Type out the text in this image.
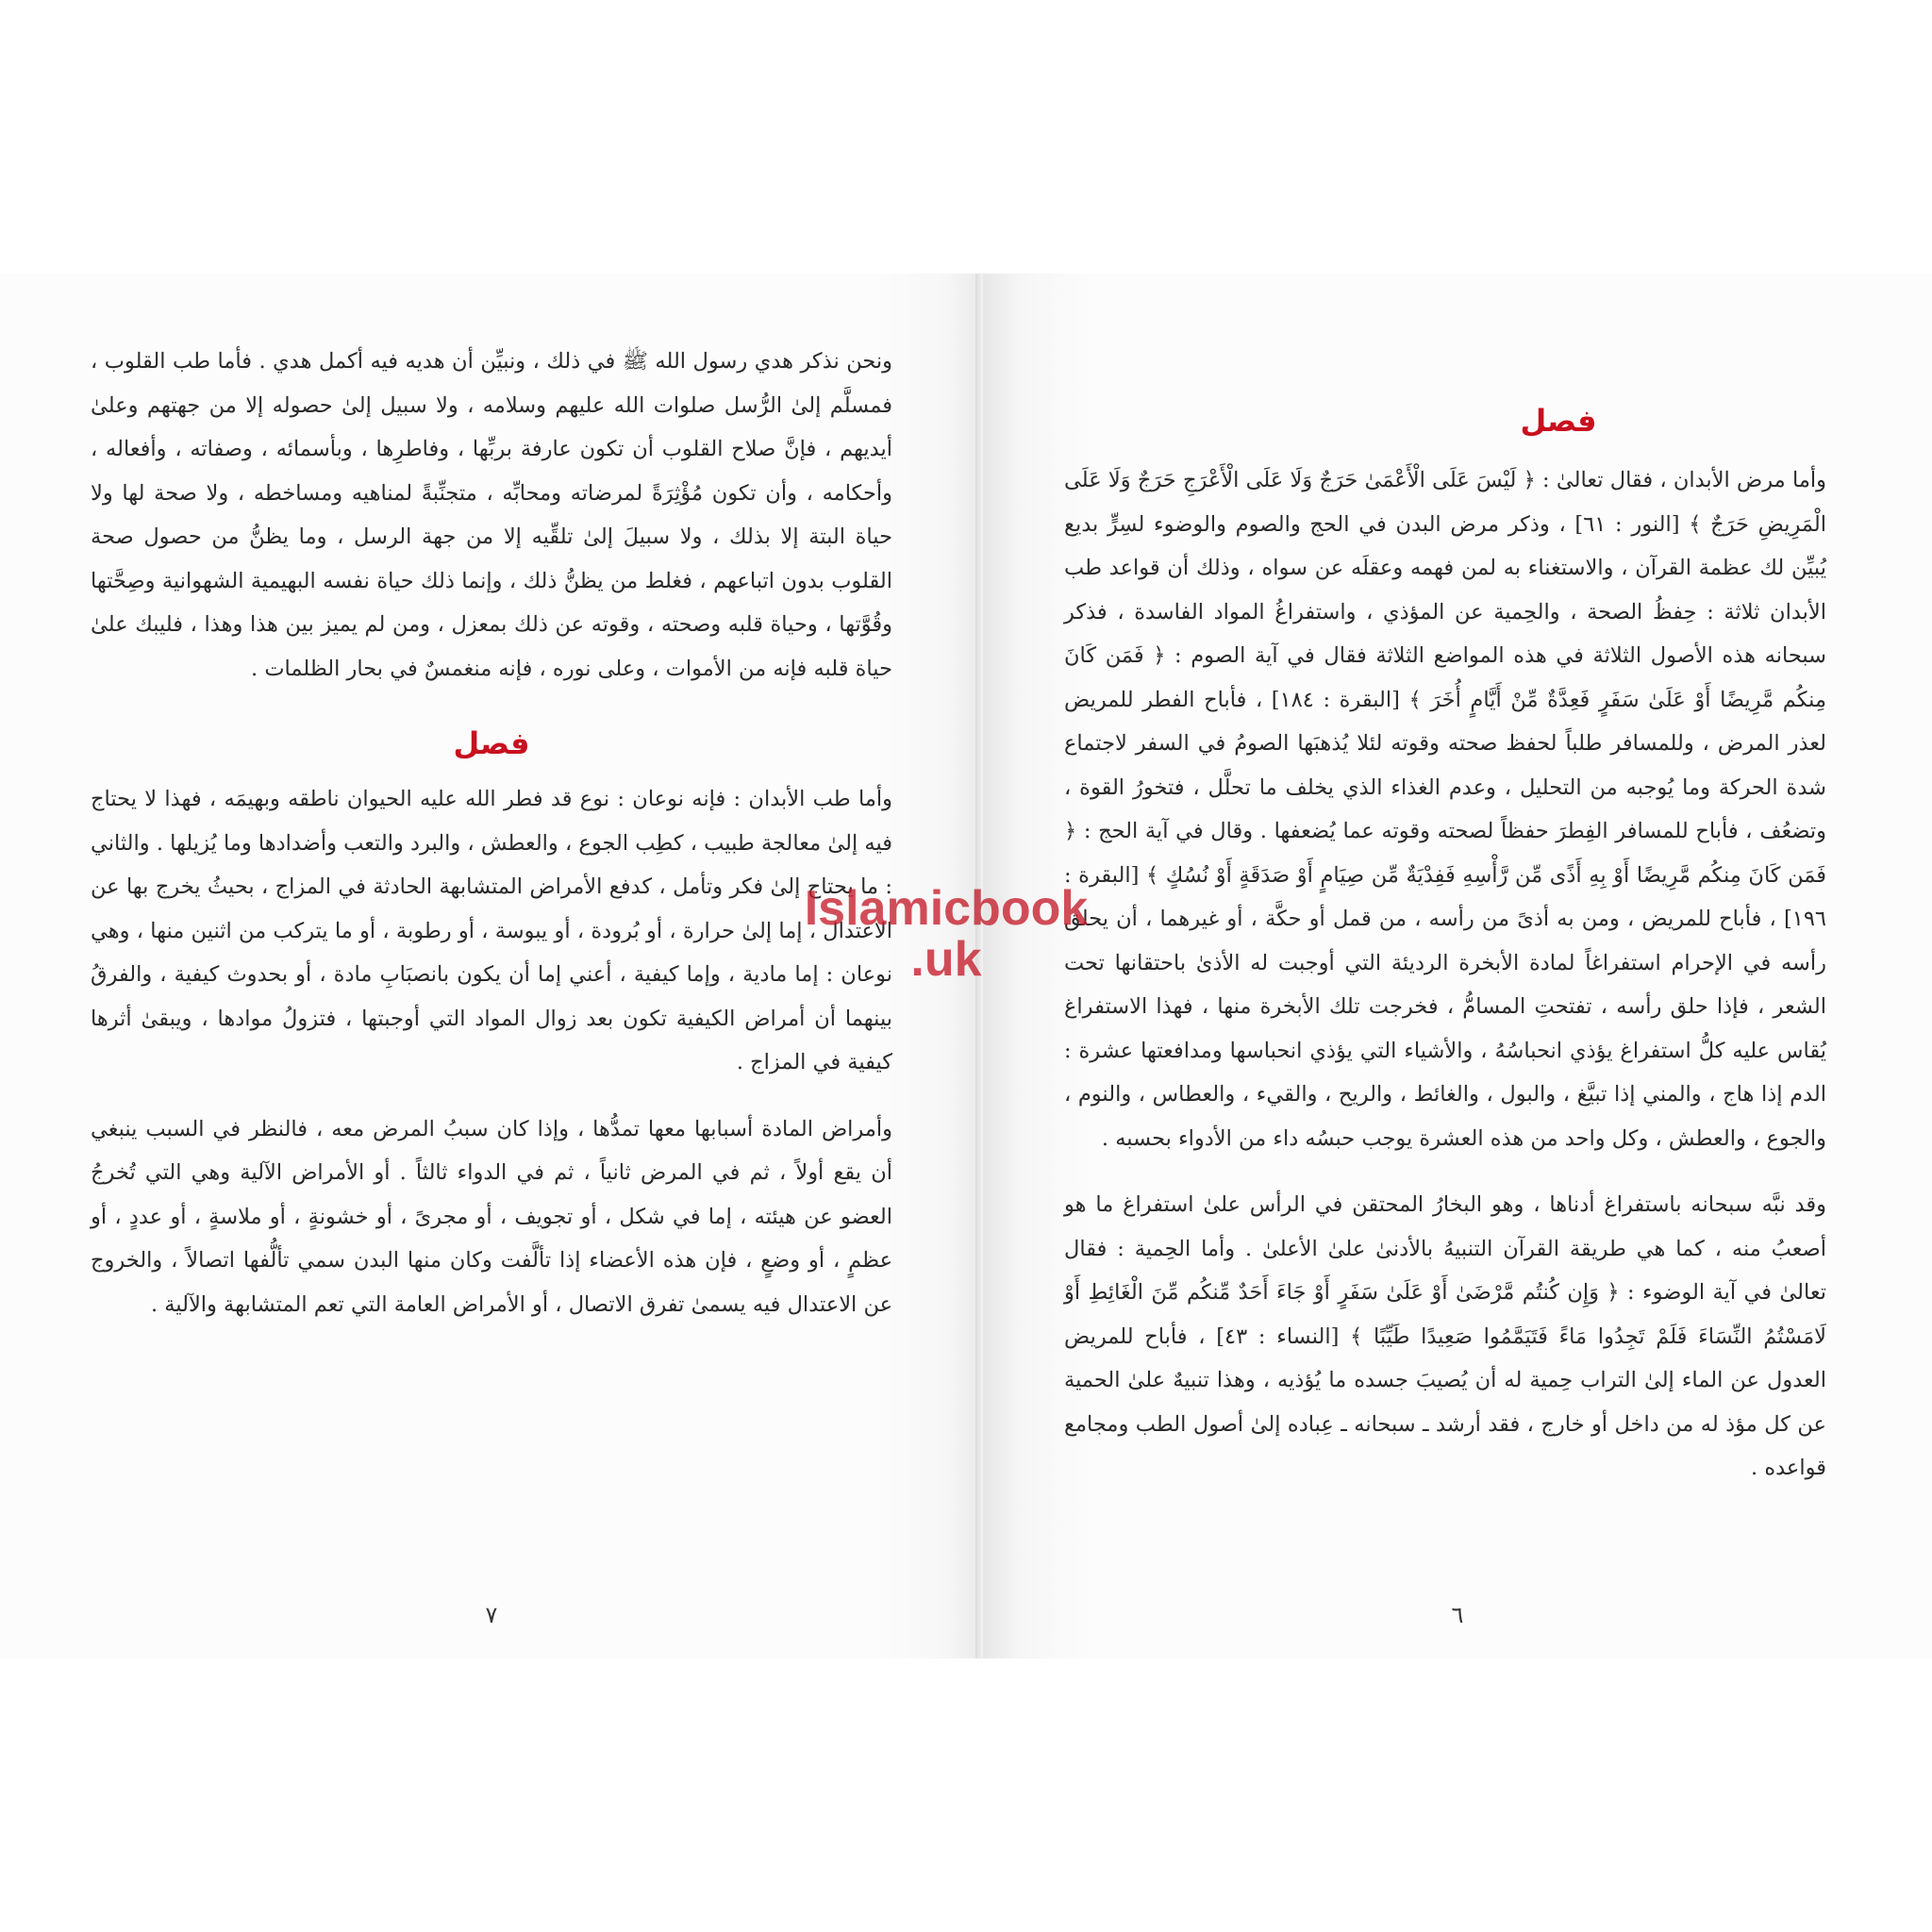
ونحن نذكر هدي رسول الله ﷺ في ذلك ، ونبيِّن أن هديه فيه أكمل هدي . فأما طب القلوب ، فمسلَّم إلىٰ الرُّسل صلوات الله عليهم وسلامه ، ولا سبيل إلىٰ حصوله إلا من جهتهم وعلىٰ أيديهم ، فإنَّ صلاح القلوب أن تكون عارفة بربِّها ، وفاطرِها ، وبأسمائه ، وصفاته ، وأفعاله ، وأحكامه ، وأن تكون مُؤْثِرَةً لمرضاته ومحابِّه ، متجنِّبةً لمناهيه ومساخطه ، ولا صحة لها ولا حياة البتة إلا بذلك ، ولا سبيلَ إلىٰ تلقِّيه إلا من جهة الرسل ، وما يظنُّ من حصول صحة القلوب بدون اتباعهم ، فغلط من يظنُّ ذلك ، وإنما ذلك حياة نفسه البهيمية الشهوانية وصِحَّتها وقُوَّتها ، وحياة قلبه وصحته ، وقوته عن ذلك بمعزل ، ومن لم يميز بين هذا وهذا ، فليبك علىٰ حياة قلبه فإنه من الأموات ، وعلى نوره ، فإنه منغمسٌ في بحار الظلمات .

فصل

وأما طب الأبدان : فإنه نوعان : نوع قد فطر الله عليه الحيوان ناطقه وبهيمَه ، فهذا لا يحتاج فيه إلىٰ معالجة طبيب ، كطِب الجوع ، والعطش ، والبرد والتعب وأضدادها وما يُزيلها . والثاني : ما يحتاج إلىٰ فكر وتأمل ، كدفع الأمراض المتشابهة الحادثة في المزاج ، بحيثُ يخرج بها عن الاعتدال ، إما إلىٰ حرارة ، أو بُرودة ، أو يبوسة ، أو رطوبة ، أو ما يتركب من اثنين منها ، وهي نوعان : إما مادية ، وإما كيفية ، أعني إما أن يكون بانصبَابِ مادة ، أو بحدوث كيفية ، والفرقُ بينهما أن أمراض الكيفية تكون بعد زوال المواد التي أوجبتها ، فتزولُ موادها ، ويبقىٰ أثرها كيفية في المزاج .

وأمراض المادة أسبابها معها تمدُّها ، وإذا كان سببُ المرض معه ، فالنظر في السبب ينبغي أن يقع أولاً ، ثم في المرض ثانياً ، ثم في الدواء ثالثاً . أو الأمراض الآلية وهي التي تُخرجُ العضو عن هيئته ، إما في شكل ، أو تجويف ، أو مجرىً ، أو خشونةٍ ، أو ملاسةٍ ، أو عددٍ ، أو عظمٍ ، أو وضعٍ ، فإن هذه الأعضاء إذا تألَّفت وكان منها البدن سمي تألُّفها اتصالاً ، والخروج عن الاعتدال فيه يسمىٰ تفرق الاتصال ، أو الأمراض العامة التي تعم المتشابهة والآلية .

٧
فصل

وأما مرض الأبدان ، فقال تعالىٰ : ﴿ لَيْسَ عَلَى الْأَعْمَىٰ حَرَجٌ وَلَا عَلَى الْأَعْرَجِ حَرَجٌ وَلَا عَلَى الْمَرِيضِ حَرَجٌ ﴾ [النور : ٦١] ، وذكر مرض البدن في الحج والصوم والوضوء لسِرٍّ بديع يُبيِّن لك عظمة القرآن ، والاستغناء به لمن فهمه وعقلَه عن سواه ، وذلك أن قواعد طب الأبدان ثلاثة : حِفظُ الصحة ، والحِمية عن المؤذي ، واستفراغُ المواد الفاسدة ، فذكر سبحانه هذه الأصول الثلاثة في هذه المواضع الثلاثة فقال في آية الصوم : ﴿ فَمَن كَانَ مِنكُم مَّرِيضًا أَوْ عَلَىٰ سَفَرٍ فَعِدَّةٌ مِّنْ أَيَّامٍ أُخَرَ ﴾ [البقرة : ١٨٤] ، فأباح الفطر للمريض لعذر المرض ، وللمسافر طلباً لحفظ صحته وقوته لئلا يُذهبَها الصومُ في السفر لاجتماع شدة الحركة وما يُوجبه من التحليل ، وعدم الغذاء الذي يخلف ما تحلَّل ، فتخورُ القوة ، وتضعُف ، فأباح للمسافر الفِطرَ حفظاً لصحته وقوته عما يُضعفها . وقال في آية الحج : ﴿ فَمَن كَانَ مِنكُم مَّرِيضًا أَوْ بِهِ أَذًى مِّن رَّأْسِهِ فَفِدْيَةٌ مِّن صِيَامٍ أَوْ صَدَقَةٍ أَوْ نُسُكٍ ﴾ [البقرة : ١٩٦] ، فأباح للمريض ، ومن به أذىً من رأسه ، من قمل أو حكَّة ، أو غيرهما ، أن يحلق رأسه في الإحرام استفراغاً لمادة الأبخرة الرديئة التي أوجبت له الأذىٰ باحتقانها تحت الشعر ، فإذا حلق رأسه ، تفتحتِ المسامُّ ، فخرجت تلك الأبخرة منها ، فهذا الاستفراغ يُقاس عليه كلُّ استفراغ يؤذي انحباسُهُ ، والأشياء التي يؤذي انحباسها ومدافعتها عشرة : الدم إذا هاج ، والمني إذا تبيَّغ ، والبول ، والغائط ، والريح ، والقيء ، والعطاس ، والنوم ، والجوع ، والعطش ، وكل واحد من هذه العشرة يوجب حبسُه داء من الأدواء بحسبه .

وقد نبَّه سبحانه باستفراغ أدناها ، وهو البخارُ المحتقن في الرأس علىٰ استفراغ ما هو أصعبُ منه ، كما هي طريقة القرآن التنبيهُ بالأدنىٰ علىٰ الأعلىٰ . وأما الحِمية : فقال تعالىٰ في آية الوضوء : ﴿ وَإِن كُنتُم مَّرْضَىٰ أَوْ عَلَىٰ سَفَرٍ أَوْ جَاءَ أَحَدٌ مِّنكُم مِّنَ الْغَائِطِ أَوْ لَامَسْتُمُ النِّسَاءَ فَلَمْ تَجِدُوا مَاءً فَتَيَمَّمُوا صَعِيدًا طَيِّبًا ﴾ [النساء : ٤٣] ، فأباح للمريض العدول عن الماء إلىٰ التراب حِمية له أن يُصيبَ جسده ما يُؤذيه ، وهذا تنبيهٌ علىٰ الحمية عن كل مؤذ له من داخل أو خارج ، فقد أرشد ـ سبحانه ـ عِباده إلىٰ أصول الطب ومجامع قواعده .

٦
Islamicbook
.uk
